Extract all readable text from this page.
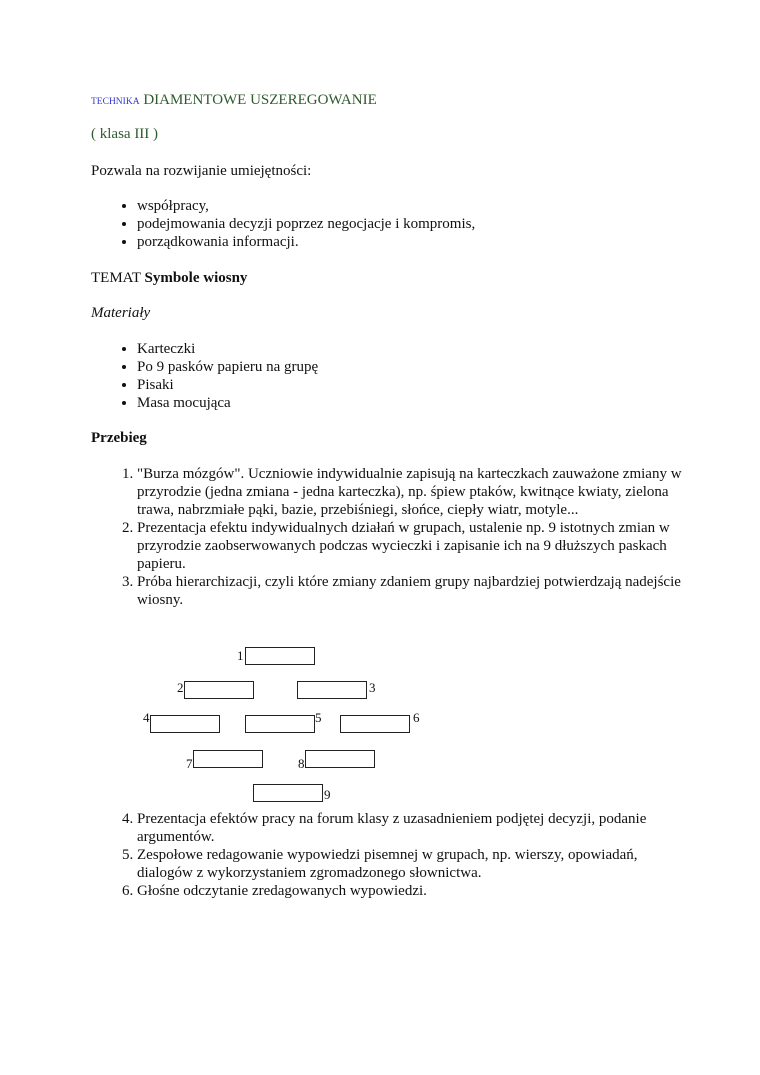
TECHNIKA DIAMENTOWE USZEREGOWANIE

( klasa III )

Pozwala na rozwijanie umiejętności:

• współpracy,
• podejmowania decyzji poprzez negocjacje i kompromis,
• porządkowania informacji.

TEMAT Symbole wiosny

Materiały

• Karteczki
• Po 9 pasków papieru na grupę
• Pisaki
• Masa mocująca

Przebieg

1. "Burza mózgów". Uczniowie indywidualnie zapisują na karteczkach zauważone zmiany w przyrodzie (jedna zmiana - jedna karteczka), np. śpiew ptaków, kwitnące kwiaty, zielona trawa, nabrzmiałe pąki, bazie, przebiśniegi, słońce, ciepły wiatr, motyle...
2. Prezentacja efektu indywidualnych działań w grupach, ustalenie np. 9 istotnych zmian w przyrodzie zaobserwowanych podczas wycieczki i zapisanie ich na 9 dłuższych paskach papieru.
3. Próba hierarchizacji, czyli które zmiany zdaniem grupy najbardziej potwierdzają nadejście wiosny.
1
2	3
4	5	6
7	8
9
4. Prezentacja efektów pracy na forum klasy z uzasadnieniem podjętej decyzji, podanie argumentów.
5. Zespołowe redagowanie wypowiedzi pisemnej w grupach, np. wierszy, opowiadań, dialogów z wykorzystaniem zgromadzonego słownictwa.
6. Głośne odczytanie zredagowanych wypowiedzi.
